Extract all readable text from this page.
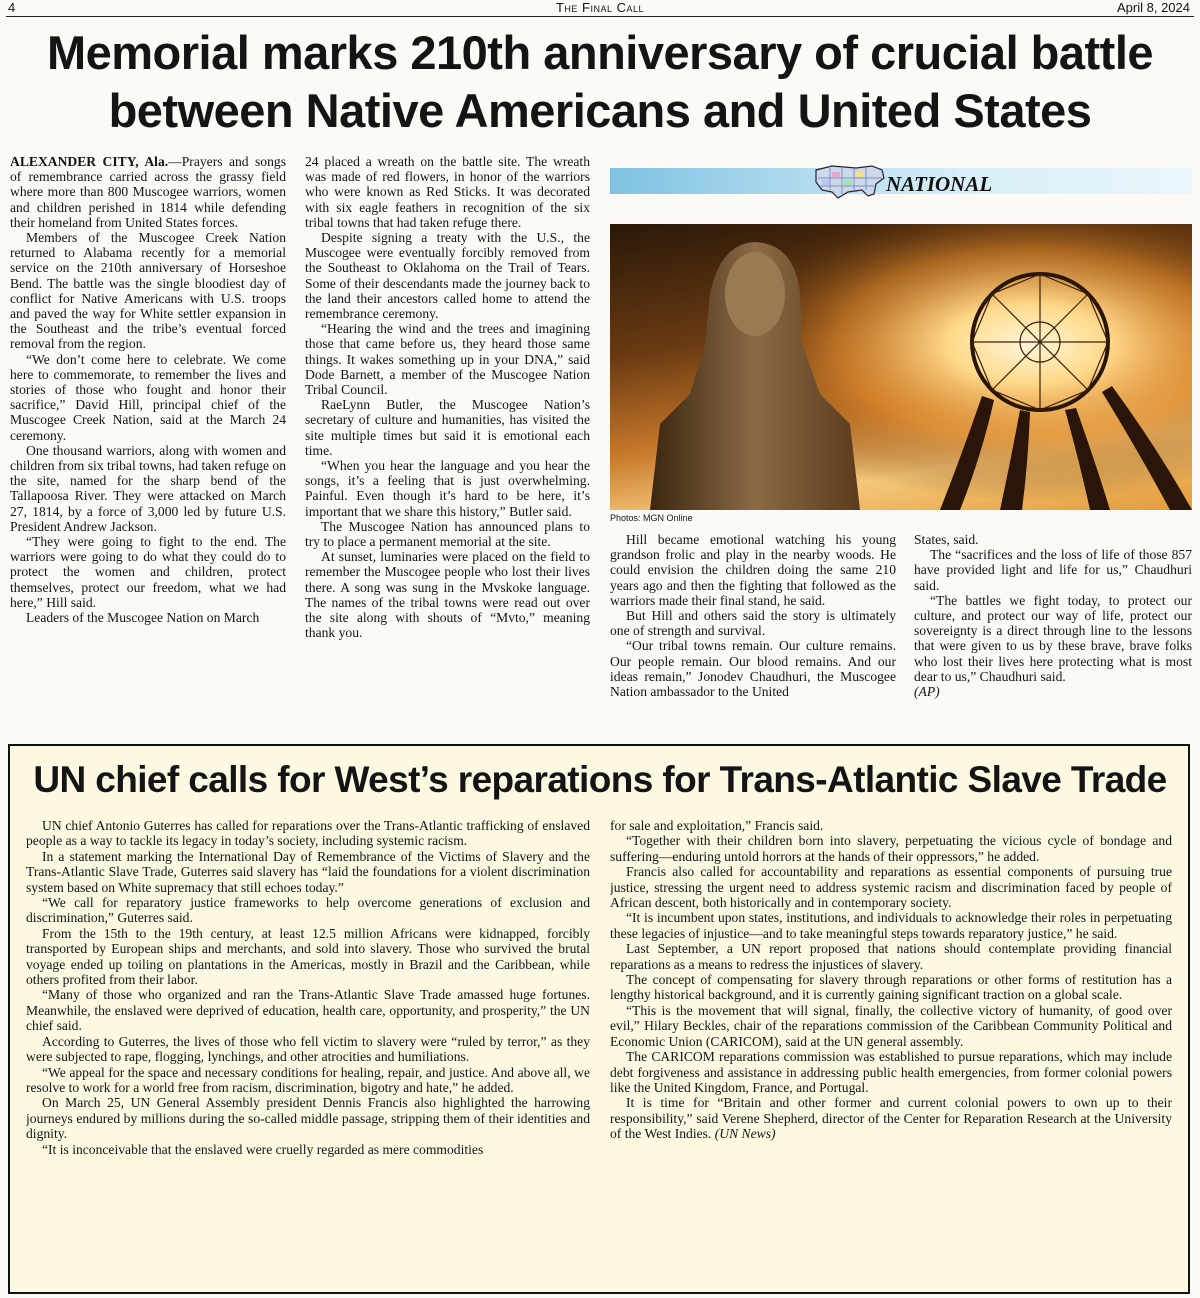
4	The Final Call	April 8, 2024
Memorial marks 210th anniversary of crucial battle
between Native Americans and United States

ALEXANDER CITY, Ala.—Prayers and songs of remembrance carried across the grassy field where more than 800 Muscogee warriors, women and children perished in 1814 while defending their homeland from United States forces.

Members of the Muscogee Creek Nation returned to Alabama recently for a memorial service on the 210th anniversary of Horseshoe Bend. The battle was the single bloodiest day of conflict for Native Americans with U.S. troops and paved the way for White settler expansion in the Southeast and the tribe’s eventual forced removal from the region.

“We don’t come here to celebrate. We come here to commemorate, to remember the lives and stories of those who fought and honor their sacrifice,” David Hill, principal chief of the Muscogee Creek Nation, said at the March 24 ceremony.

One thousand warriors, along with women and children from six tribal towns, had taken refuge on the site, named for the sharp bend of the Tallapoosa River. They were attacked on March 27, 1814, by a force of 3,000 led by future U.S. President Andrew Jackson.

“They were going to fight to the end. The warriors were going to do what they could do to protect the women and children, protect themselves, protect our freedom, what we had here,” Hill said.

Leaders of the Muscogee Nation on March

24 placed a wreath on the battle site. The wreath was made of red flowers, in honor of the warriors who were known as Red Sticks. It was decorated with six eagle feathers in recognition of the six tribal towns that had taken refuge there.

Despite signing a treaty with the U.S., the Muscogee were eventually forcibly removed from the Southeast to Oklahoma on the Trail of Tears. Some of their descendants made the journey back to the land their ancestors called home to attend the remembrance ceremony.

“Hearing the wind and the trees and imagining those that came before us, they heard those same things. It wakes something up in your DNA,” said Dode Barnett, a member of the Muscogee Nation Tribal Council.

RaeLynn Butler, the Muscogee Nation’s secretary of culture and humanities, has visited the site multiple times but said it is emotional each time.

“When you hear the language and you hear the songs, it’s a feeling that is just overwhelming. Painful. Even though it’s hard to be here, it’s important that we share this history,” Butler said.

The Muscogee Nation has announced plans to try to place a permanent memorial at the site.

At sunset, luminaries were placed on the field to remember the Muscogee people who lost their lives there. A song was sung in the Mvskoke language. The names of the tribal towns were read out over the site along with shouts of “Mvto,” meaning thank you.

NATIONAL
Photos: MGN Online

Hill became emotional watching his young grandson frolic and play in the nearby woods. He could envision the children doing the same 210 years ago and then the fighting that followed as the warriors made their final stand, he said.

But Hill and others said the story is ultimately one of strength and survival.

“Our tribal towns remain. Our culture remains. Our people remain. Our blood remains. And our ideas remain,” Jonodev Chaudhuri, the Muscogee Nation ambassador to the United

States, said.

The “sacrifices and the loss of life of those 857 have provided light and life for us,” Chaudhuri said.

“The battles we fight today, to protect our culture, and protect our way of life, protect our sovereignty is a direct through line to the lessons that were given to us by these brave, brave folks who lost their lives here protecting what is most dear to us,” Chaudhuri said.

(AP)

UN chief calls for West’s reparations for Trans-Atlantic Slave Trade

UN chief Antonio Guterres has called for reparations over the Trans-Atlantic trafficking of enslaved people as a way to tackle its legacy in today’s society, including systemic racism.

In a statement marking the International Day of Remembrance of the Victims of Slavery and the Trans-Atlantic Slave Trade, Guterres said slavery has “laid the foundations for a violent discrimination system based on White supremacy that still echoes today.”

“We call for reparatory justice frameworks to help overcome generations of exclusion and discrimination,” Guterres said.

From the 15th to the 19th century, at least 12.5 million Africans were kidnapped, forcibly transported by European ships and merchants, and sold into slavery. Those who survived the brutal voyage ended up toiling on plantations in the Americas, mostly in Brazil and the Caribbean, while others profited from their labor.

“Many of those who organized and ran the Trans-Atlantic Slave Trade amassed huge fortunes. Meanwhile, the enslaved were deprived of education, health care, opportunity, and prosperity,” the UN chief said.

According to Guterres, the lives of those who fell victim to slavery were “ruled by terror,” as they were subjected to rape, flogging, lynchings, and other atrocities and humiliations.

“We appeal for the space and necessary conditions for healing, repair, and justice. And above all, we resolve to work for a world free from racism, discrimination, bigotry and hate,” he added.

On March 25, UN General Assembly president Dennis Francis also highlighted the harrowing journeys endured by millions during the so-called middle passage, stripping them of their identities and dignity.

“It is inconceivable that the enslaved were cruelly regarded as mere commodities

for sale and exploitation,” Francis said.

“Together with their children born into slavery, perpetuating the vicious cycle of bondage and suffering—enduring untold horrors at the hands of their oppressors,” he added.

Francis also called for accountability and reparations as essential components of pursuing true justice, stressing the urgent need to address systemic racism and discrimination faced by people of African descent, both historically and in contemporary society.

“It is incumbent upon states, institutions, and individuals to acknowledge their roles in perpetuating these legacies of injustice—and to take meaningful steps towards reparatory justice,” he said.

Last September, a UN report proposed that nations should contemplate providing financial reparations as a means to redress the injustices of slavery.

The concept of compensating for slavery through reparations or other forms of restitution has a lengthy historical background, and it is currently gaining significant traction on a global scale.

“This is the movement that will signal, finally, the collective victory of humanity, of good over evil,” Hilary Beckles, chair of the reparations commission of the Caribbean Community Political and Economic Union (CARICOM), said at the UN general assembly.

The CARICOM reparations commission was established to pursue reparations, which may include debt forgiveness and assistance in addressing public health emergencies, from former colonial powers like the United Kingdom, France, and Portugal.

It is time for “Britain and other former and current colonial powers to own up to their responsibility,” said Verene Shepherd, director of the Center for Reparation Research at the University of the West Indies. (UN News)
